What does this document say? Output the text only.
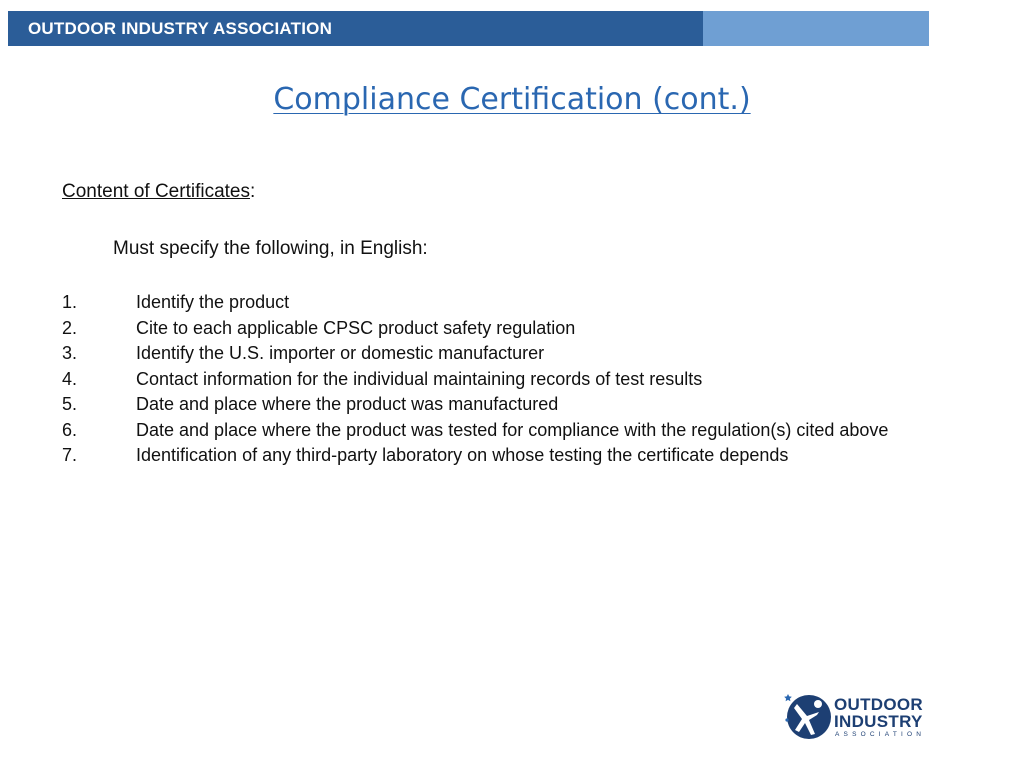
OUTDOOR INDUSTRY ASSOCIATION
Compliance Certification (cont.)
Content of Certificates:
Must specify the following, in English:
1.	Identify the product
2.	Cite to each applicable CPSC product safety regulation
3.	Identify the U.S. importer or domestic manufacturer
4.	Contact information for the individual maintaining records of test results
5.	Date and place where the product was manufactured
6.	Date and place where the product was tested for compliance with the regulation(s) cited above
7.	Identification of any third-party laboratory on whose testing the certificate depends
OUTDOOR
INDUSTRY
ASSOCIATION
